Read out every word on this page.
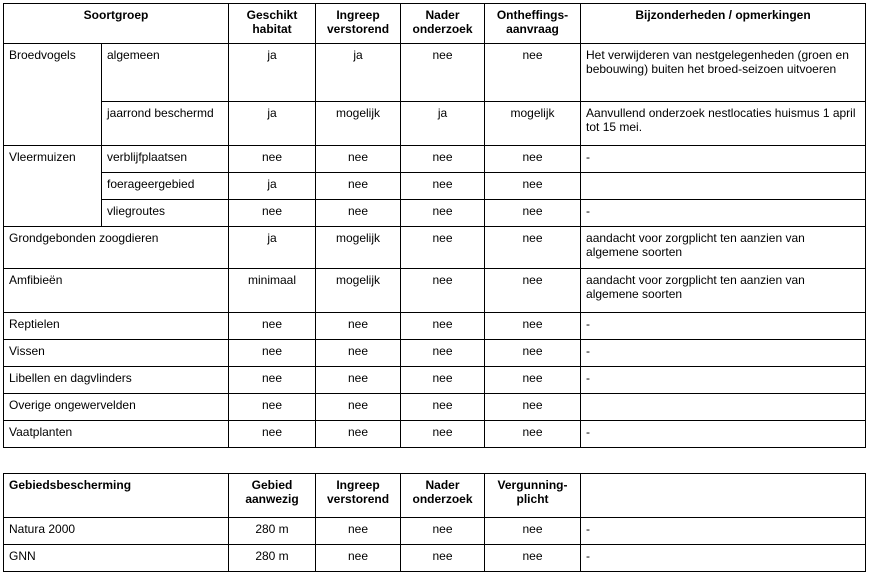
Soortgroep		Geschikt habitat	Ingreep verstorend	Nader onderzoek	Ontheffings-aanvraag	Bijzonderheden / opmerkingen
Broedvogels	algemeen	ja	ja	nee	nee	Het verwijderen van nestgelegenheden (groen en bebouwing) buiten het broed-seizoen uitvoeren
	jaarrond beschermd	ja	mogelijk	ja	mogelijk	Aanvullend onderzoek nestlocaties huismus 1 april tot 15 mei.
Vleermuizen	verblijfplaatsen	nee	nee	nee	nee	-
	foerageergebied	ja	nee	nee	nee	
	vliegroutes	nee	nee	nee	nee	-
Grondgebonden zoogdieren		ja	mogelijk	nee	nee	aandacht voor zorgplicht ten aanzien van algemene soorten
Amfibieën		minimaal	mogelijk	nee	nee	aandacht voor zorgplicht ten aanzien van algemene soorten
Reptielen		nee	nee	nee	nee	-
Vissen		nee	nee	nee	nee	-
Libellen en dagvlinders		nee	nee	nee	nee	-
Overige ongewervelden		nee	nee	nee	nee	
Vaatplanten		nee	nee	nee	nee	-

Gebiedsbescherming		Gebied aanwezig	Ingreep verstorend	Nader onderzoek	Vergunning-plicht	
Natura 2000		280 m	nee	nee	nee	-
GNN		280 m	nee	nee	nee	-
